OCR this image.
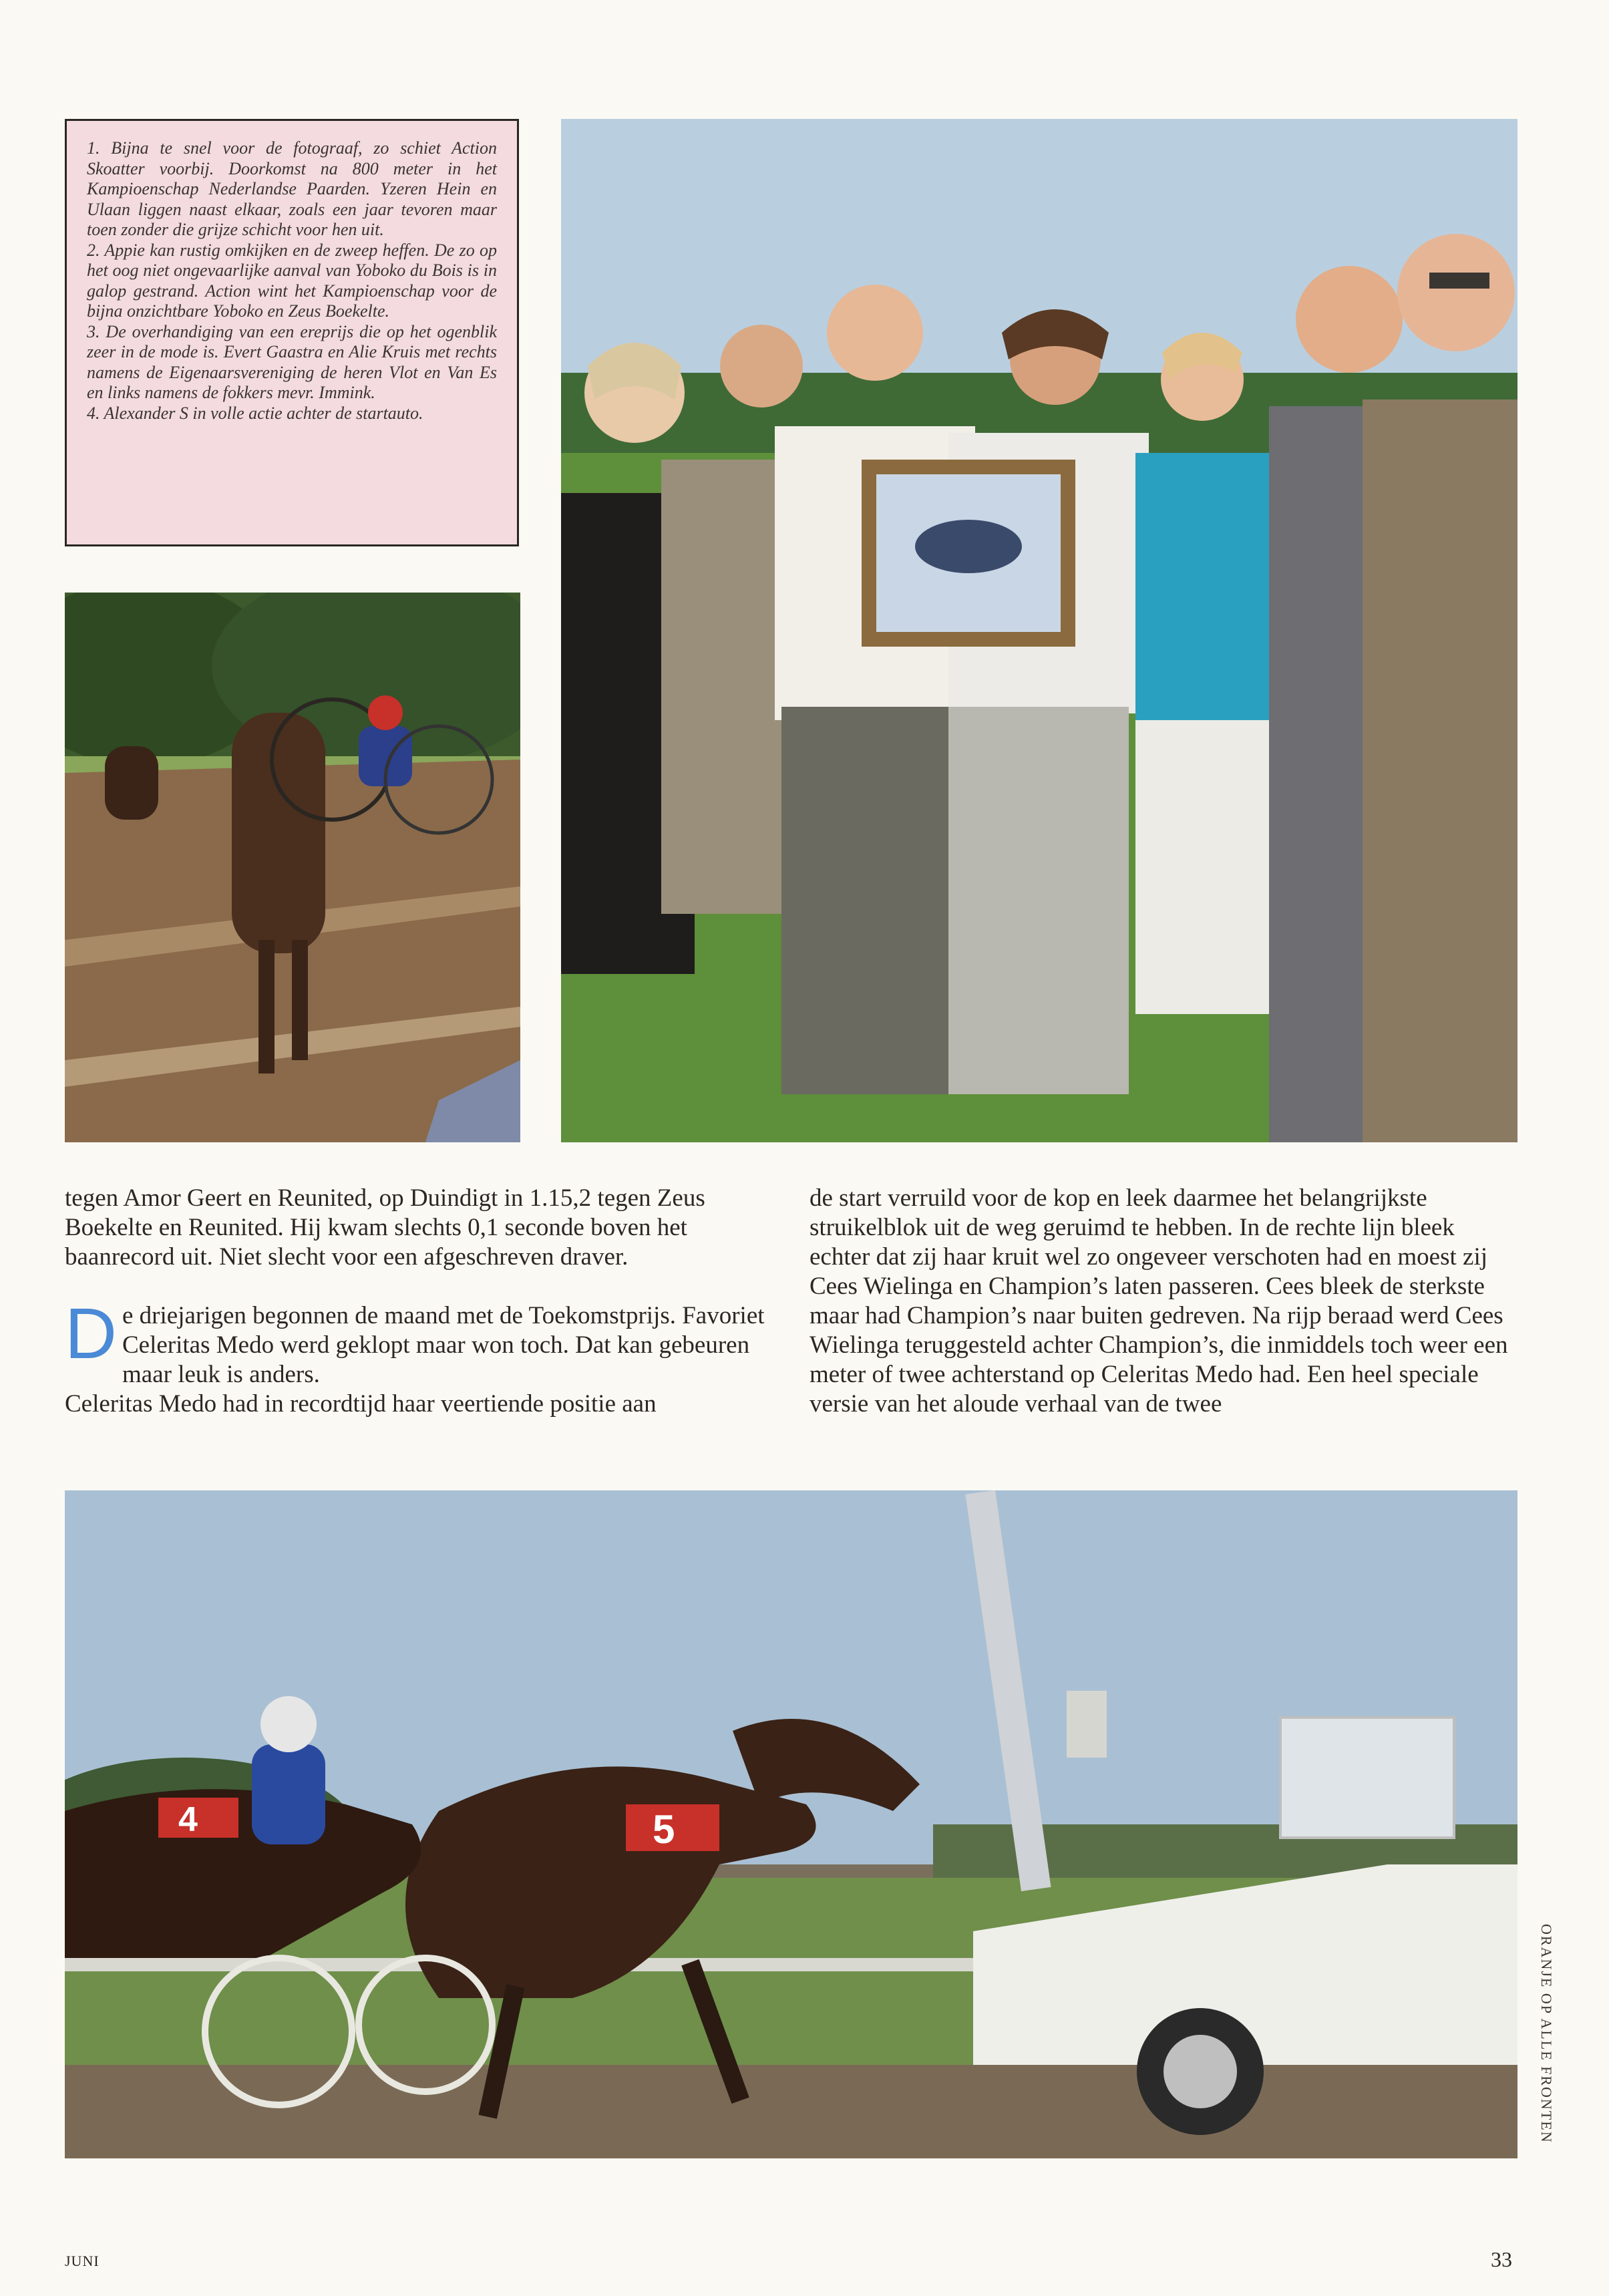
1. Bijna te snel voor de fotograaf, zo schiet Action Skoatter voorbij. Doorkomst na 800 meter in het Kampioenschap Nederlandse Paarden. Yzeren Hein en Ulaan liggen naast elkaar, zoals een jaar tevoren maar toen zonder die grijze schicht voor hen uit.

2. Appie kan rustig omkijken en de zweep heffen. De zo op het oog niet ongevaarlijke aanval van Yoboko du Bois is in galop gestrand. Action wint het Kampioenschap voor de bijna onzichtbare Yoboko en Zeus Boekelte.

3. De overhandiging van een ereprijs die op het ogenblik zeer in de mode is. Evert Gaastra en Alie Kruis met rechts namens de Eigenaarsvereniging de heren Vlot en Van Es en links namens de fokkers mevr. Immink.

4. Alexander S in volle actie achter de startauto.

tegen Amor Geert en Reunited, op Duindigt in 1.15,2 tegen Zeus Boekelte en Reunited. Hij kwam slechts 0,1 seconde boven het baanrecord uit. Niet slecht voor een afgeschreven draver.

De driejarigen begonnen de maand met de Toekomstprijs. Favoriet Celeritas Medo werd geklopt maar won toch. Dat kan gebeuren maar leuk is anders.

Celeritas Medo had in recordtijd haar veertiende positie aan

de start verruild voor de kop en leek daarmee het belangrijkste struikelblok uit de weg geruimd te hebben. In de rechte lijn bleek echter dat zij haar kruit wel zo ongeveer verschoten had en moest zij Cees Wielinga en Champion’s laten passeren. Cees bleek de sterkste maar had Champion’s naar buiten gedreven. Na rijp beraad werd Cees Wielinga teruggesteld achter Champion’s, die inmiddels toch weer een meter of twee achterstand op Celeritas Medo had. Een heel speciale versie van het aloude verhaal van de twee

5
4
ORANJE OP ALLE FRONTEN
JUNI	33
